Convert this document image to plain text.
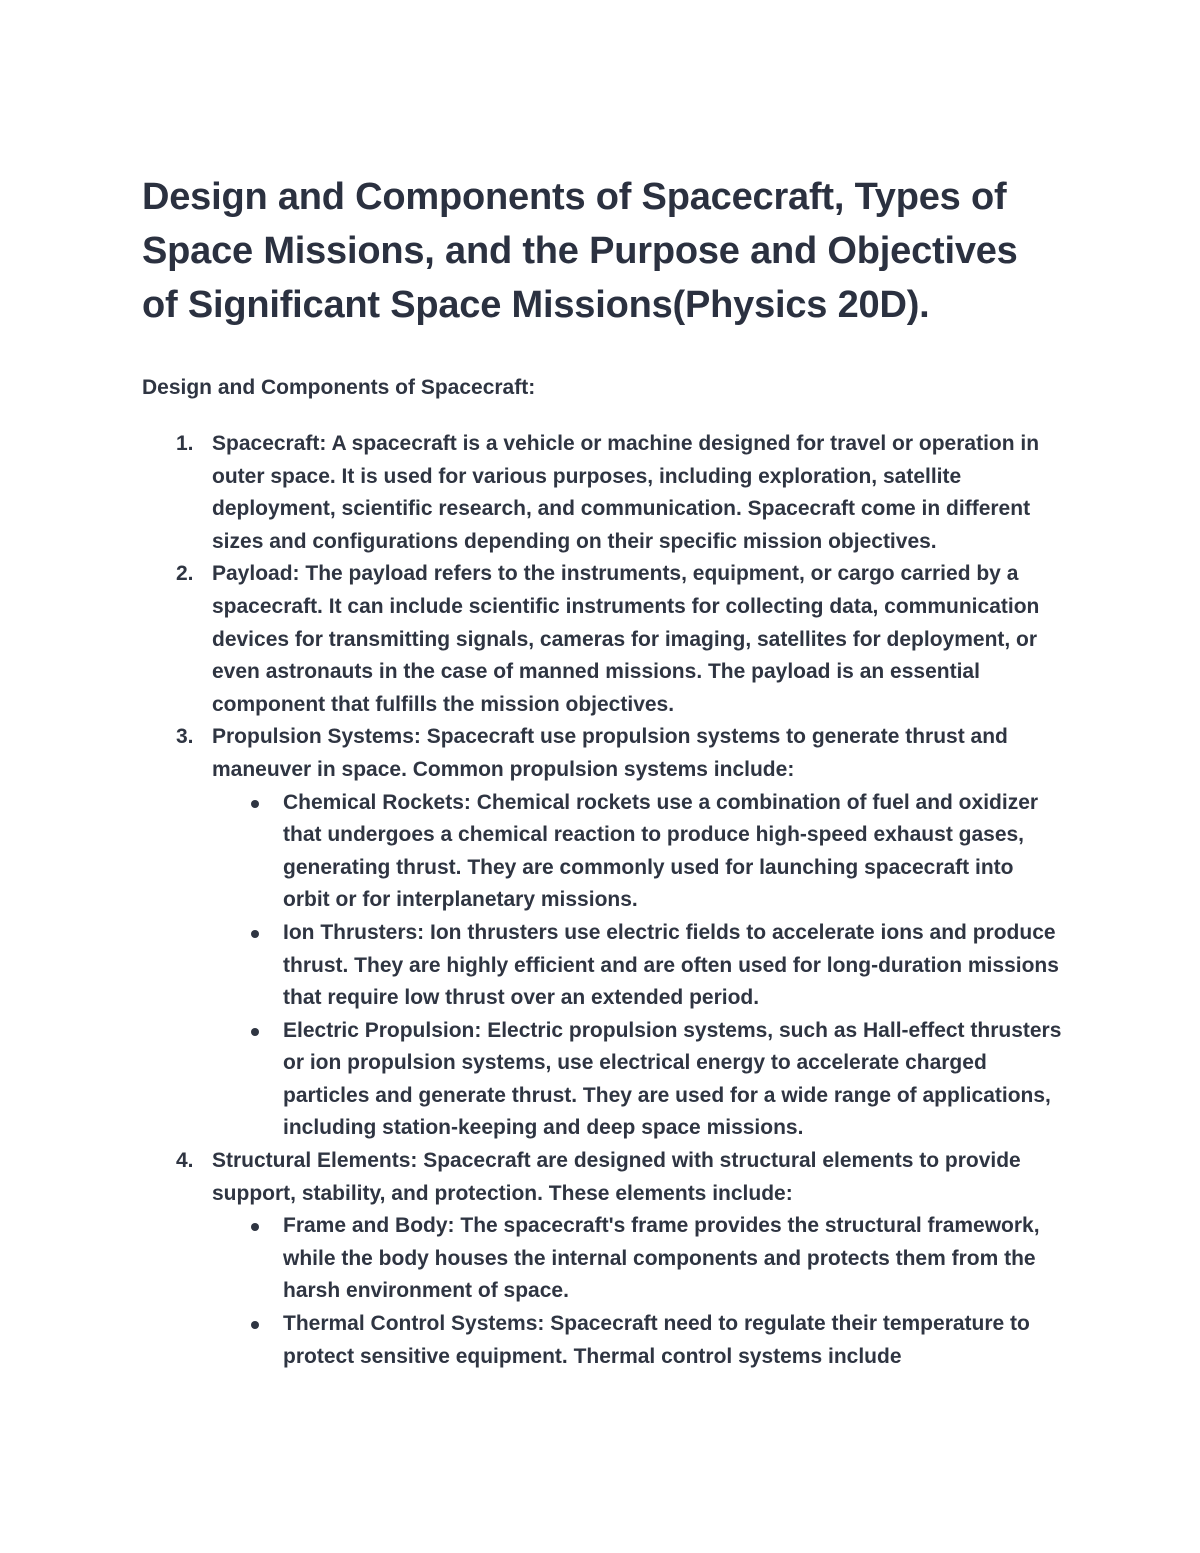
Design and Components of Spacecraft, Types of Space Missions, and the Purpose and Objectives of Significant Space Missions(Physics 20D).
Design and Components of Spacecraft:
1. Spacecraft: A spacecraft is a vehicle or machine designed for travel or operation in outer space. It is used for various purposes, including exploration, satellite deployment, scientific research, and communication. Spacecraft come in different sizes and configurations depending on their specific mission objectives.
2. Payload: The payload refers to the instruments, equipment, or cargo carried by a spacecraft. It can include scientific instruments for collecting data, communication devices for transmitting signals, cameras for imaging, satellites for deployment, or even astronauts in the case of manned missions. The payload is an essential component that fulfills the mission objectives.
3. Propulsion Systems: Spacecraft use propulsion systems to generate thrust and maneuver in space. Common propulsion systems include:
Chemical Rockets: Chemical rockets use a combination of fuel and oxidizer that undergoes a chemical reaction to produce high-speed exhaust gases, generating thrust. They are commonly used for launching spacecraft into orbit or for interplanetary missions.
Ion Thrusters: Ion thrusters use electric fields to accelerate ions and produce thrust. They are highly efficient and are often used for long-duration missions that require low thrust over an extended period.
Electric Propulsion: Electric propulsion systems, such as Hall-effect thrusters or ion propulsion systems, use electrical energy to accelerate charged particles and generate thrust. They are used for a wide range of applications, including station-keeping and deep space missions.
4. Structural Elements: Spacecraft are designed with structural elements to provide support, stability, and protection. These elements include:
Frame and Body: The spacecraft's frame provides the structural framework, while the body houses the internal components and protects them from the harsh environment of space.
Thermal Control Systems: Spacecraft need to regulate their temperature to protect sensitive equipment. Thermal control systems include
